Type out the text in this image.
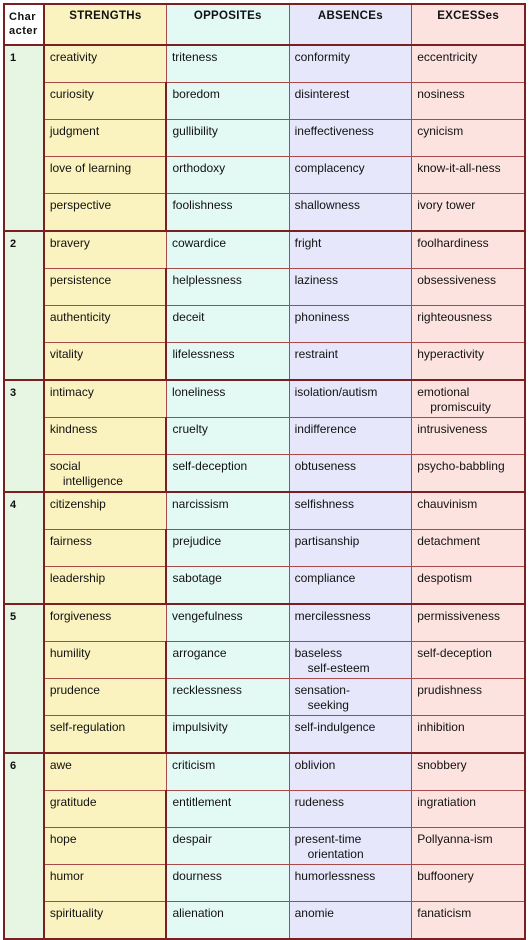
Char
acter	STRENGTHs	OPPOSITEs	ABSENCEs	EXCESSes
1	creativity	triteness	conformity	eccentricity

	curiosity	boredom	disinterest	nosiness

	judgment	gullibility	ineffectiveness	cynicism

	love of learning	orthodoxy	complacency	know-it-all-ness

	perspective	foolishness	shallowness	ivory tower

2	bravery	cowardice	fright	foolhardiness

	persistence	helplessness	laziness	obsessiveness

	authenticity	deceit	phoniness	righteousness

	vitality	lifelessness	restraint	hyperactivity

3	intimacy	loneliness	isolation/autism	emotional
promiscuity

	kindness	cruelty	indifference	intrusiveness

	social
intelligence	self-deception	obtuseness	psycho-babbling

4	citizenship	narcissism	selfishness	chauvinism

	fairness	prejudice	partisanship	detachment

	leadership	sabotage	compliance	despotism

5	forgiveness	vengefulness	mercilessness	permissiveness

	humility	arrogance	baseless
self-esteem	self-deception

	prudence	recklessness	sensation-
seeking	prudishness

	self-regulation	impulsivity	self-indulgence	inhibition

6	awe	criticism	oblivion	snobbery

	gratitude	entitlement	rudeness	ingratiation

	hope	despair	present-time
orientation	Pollyanna-ism

	humor	dourness	humorlessness	buffoonery

	spirituality	alienation	anomie	fanaticism
